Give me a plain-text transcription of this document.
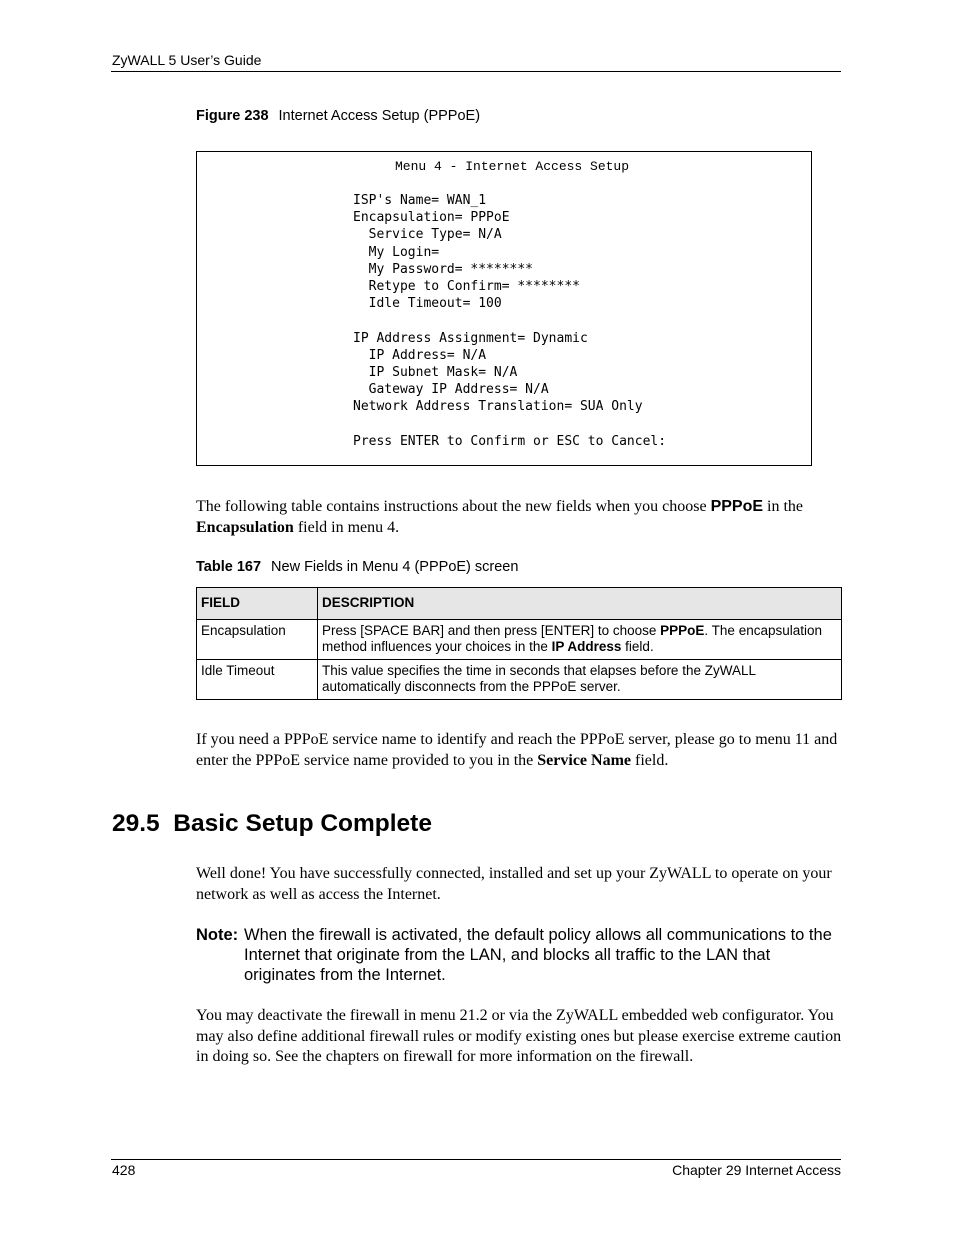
ZyWALL 5 User’s Guide
Figure 238 Internet Access Setup (PPPoE)
Menu 4 - Internet Access Setup
ISP's Name= WAN_1
Encapsulation= PPPoE
Service Type= N/A
My Login=
My Password= ********
Retype to Confirm= ********
Idle Timeout= 100

IP Address Assignment= Dynamic
IP Address= N/A
IP Subnet Mask= N/A
Gateway IP Address= N/A
Network Address Translation= SUA Only

Press ENTER to Confirm or ESC to Cancel:
The following table contains instructions about the new fields when you choose PPPoE in the Encapsulation field in menu 4.
Table 167 New Fields in Menu 4 (PPPoE) screen
FIELD	DESCRIPTION
Encapsulation	Press [SPACE BAR] and then press [ENTER] to choose PPPoE. The encapsulation method influences your choices in the IP Address field.
Idle Timeout	This value specifies the time in seconds that elapses before the ZyWALL automatically disconnects from the PPPoE server.
If you need a PPPoE service name to identify and reach the PPPoE server, please go to menu 11 and enter the PPPoE service name provided to you in the Service Name field.
29.5  Basic Setup Complete
Well done! You have successfully connected, installed and set up your ZyWALL to operate on your network as well as access the Internet.
Note: When the firewall is activated, the default policy allows all communications to the Internet that originate from the LAN, and blocks all traffic to the LAN that originates from the Internet.
You may deactivate the firewall in menu 21.2 or via the ZyWALL embedded web configurator. You may also define additional firewall rules or modify existing ones but please exercise extreme caution in doing so. See the chapters on firewall for more information on the firewall.
428	Chapter 29 Internet Access
